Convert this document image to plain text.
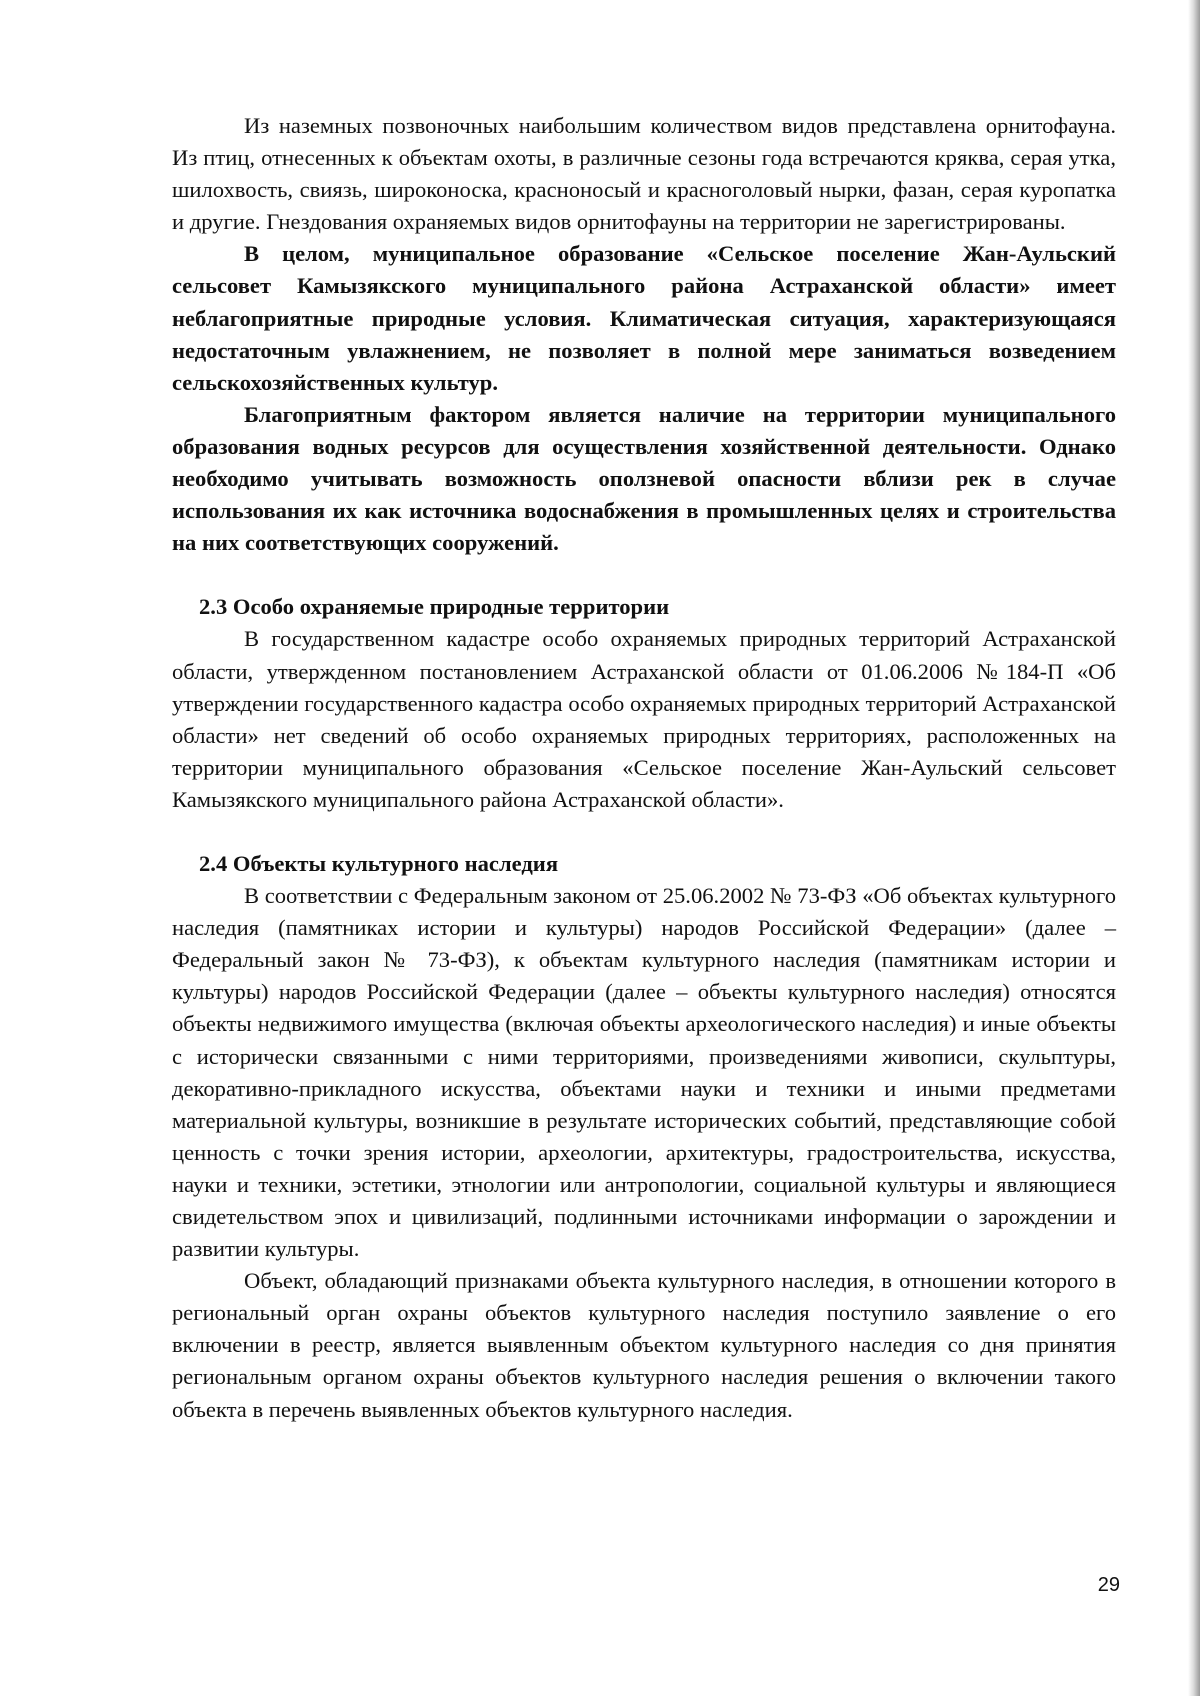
Из наземных позвоночных наибольшим количеством видов представлена орнитофауна. Из птиц, отнесенных к объектам охоты, в различные сезоны года встречаются кряква, серая утка, шилохвость, свиязь, широконоска, красноносый и красноголовый нырки, фазан, серая куропатка и другие. Гнездования охраняемых видов орнитофауны на территории не зарегистрированы.

В целом, муниципальное образование «Сельское поселение Жан-Аульский сельсовет Камызякского муниципального района Астраханской области» имеет неблагоприятные природные условия. Климатическая ситуация, характеризующаяся недостаточным увлажнением, не позволяет в полной мере заниматься возведением сельскохозяйственных культур.

Благоприятным фактором является наличие на территории муниципального образования водных ресурсов для осуществления хозяйственной деятельности. Однако необходимо учитывать возможность оползневой опасности вблизи рек в случае использования их как источника водоснабжения в промышленных целях и строительства на них соответствующих сооружений.

2.3 Особо охраняемые природные территории

В государственном кадастре особо охраняемых природных территорий Астраханской области, утвержденном постановлением Астраханской области от 01.06.2006 №184-П «Об утверждении государственного кадастра особо охраняемых природных территорий Астраханской области» нет сведений об особо охраняемых природных территориях, расположенных на территории муниципального образования «Сельское поселение Жан-Аульский сельсовет Камызякского муниципального района Астраханской области».

2.4 Объекты культурного наследия

В соответствии с Федеральным законом от 25.06.2002 № 73-ФЗ «Об объектах культурного наследия (памятниках истории и культуры) народов Российской Федерации» (далее – Федеральный закон № 73-ФЗ), к объектам культурного наследия (памятникам истории и культуры) народов Российской Федерации (далее – объекты культурного наследия) относятся объекты недвижимого имущества (включая объекты археологического наследия) и иные объекты с исторически связанными с ними территориями, произведениями живописи, скульптуры, декоративно-прикладного искусства, объектами науки и техники и иными предметами материальной культуры, возникшие в результате исторических событий, представляющие собой ценность с точки зрения истории, археологии, архитектуры, градостроительства, искусства, науки и техники, эстетики, этнологии или антропологии, социальной культуры и являющиеся свидетельством эпох и цивилизаций, подлинными источниками информации о зарождении и развитии культуры.

Объект, обладающий признаками объекта культурного наследия, в отношении которого в региональный орган охраны объектов культурного наследия поступило заявление о его включении в реестр, является выявленным объектом культурного наследия со дня принятия региональным органом охраны объектов культурного наследия решения о включении такого объекта в перечень выявленных объектов культурного наследия.

29
